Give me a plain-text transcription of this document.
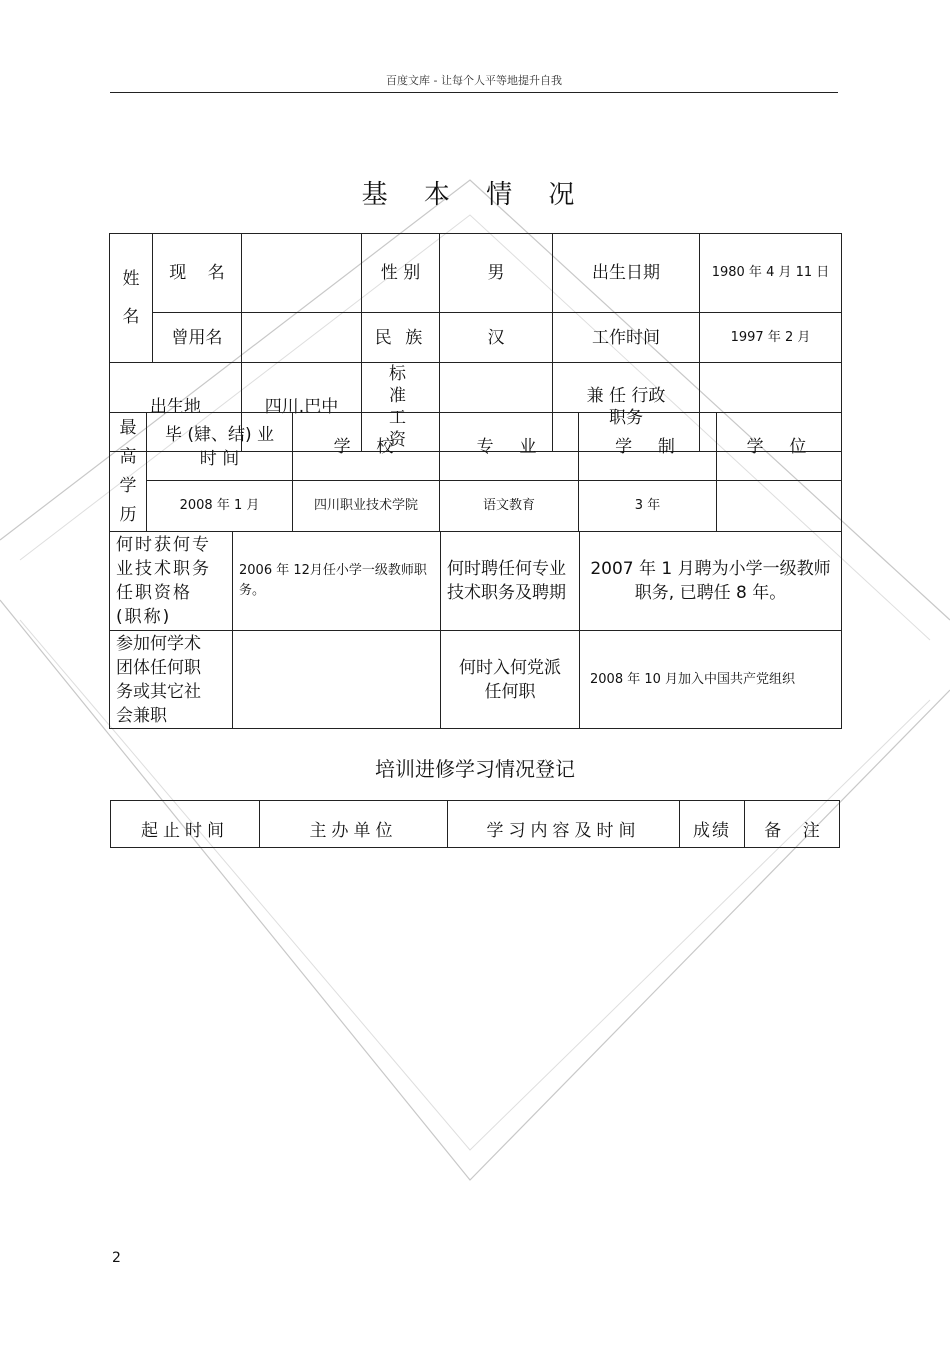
百度文库 - 让每个人平等地提升自我
基 本 情 况
姓名	现    名		性 别	男	出生日期	1980 年 4 月 11 日
	曾用名		民 族	汉	工作时间	1997 年 2 月
出生地		四川.巴中	标 准 工 资		兼 任 行政职务	
最高学历	毕 (肄、结) 业 时 间	学  校	专  业	学  制	学  位
	2008 年 1 月	四川职业技术学院	语文教育	3 年	
何时获何专业技术职务任职资格 (职称)	2006 年 12月任小学一级教师职务。	何时聘任何专业技术职务及聘期	2007 年 1 月聘为小学一级教师职务, 已聘任 8 年。
参加何学术团体任何职务或其它社会兼职		何时入何党派任何职	2008 年 10 月加入中国共产党组织
培训进修学习情况登记
起止时间	主办单位	学习内容及时间	成绩	备    注
2
